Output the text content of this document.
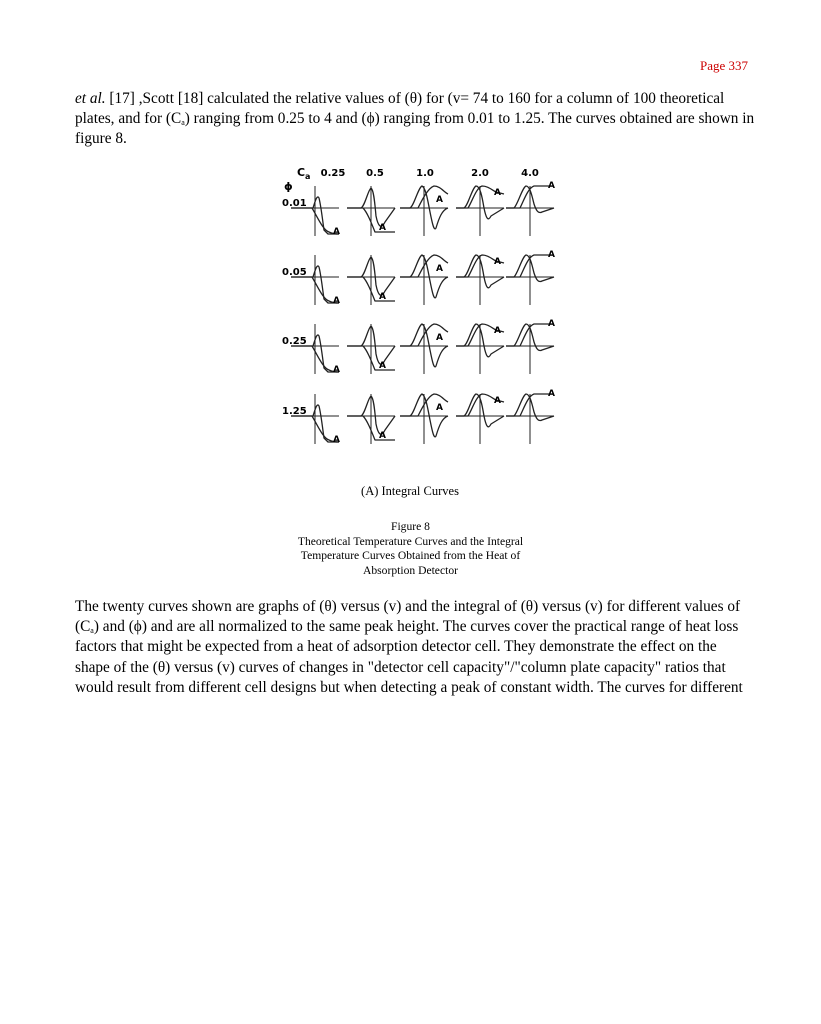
Page 337

et al. [17] ,Scott [18] calculated the relative values of (θ) for (v= 74 to 160 for a column of 100 theoretical plates, and for $(C_a)$ ranging from 0.25 to 4 and (ϕ) ranging from 0.01 to 1.25. The curves obtained are shown in figure 8.

C a
ϕ
0.25 0.5	1.0	2.0	4.0
0.01
0.05
0.25
1.25
A	A
A
A
A
A	A
A
A
A
A	A
A
A
A
A	A
A
A
A
(A) Integral Curves
Figure 8
Theoretical Temperature Curves and the Integral
Temperature Curves Obtained from the Heat of
Absorption Detector

The twenty curves shown are graphs of (θ) versus (v) and the integral of (θ) versus (v) for different values of $(C_a)$ and (ϕ) and are all normalized to the same peak height. The curves cover the practical range of heat loss factors that might be expected from a heat of adsorption detector cell. They demonstrate the effect on the shape of the (θ) versus (v) curves of changes in "detector cell capacity"/"column plate capacity" ratios that would result from different cell designs but when detecting a peak of constant width. The curves for different
